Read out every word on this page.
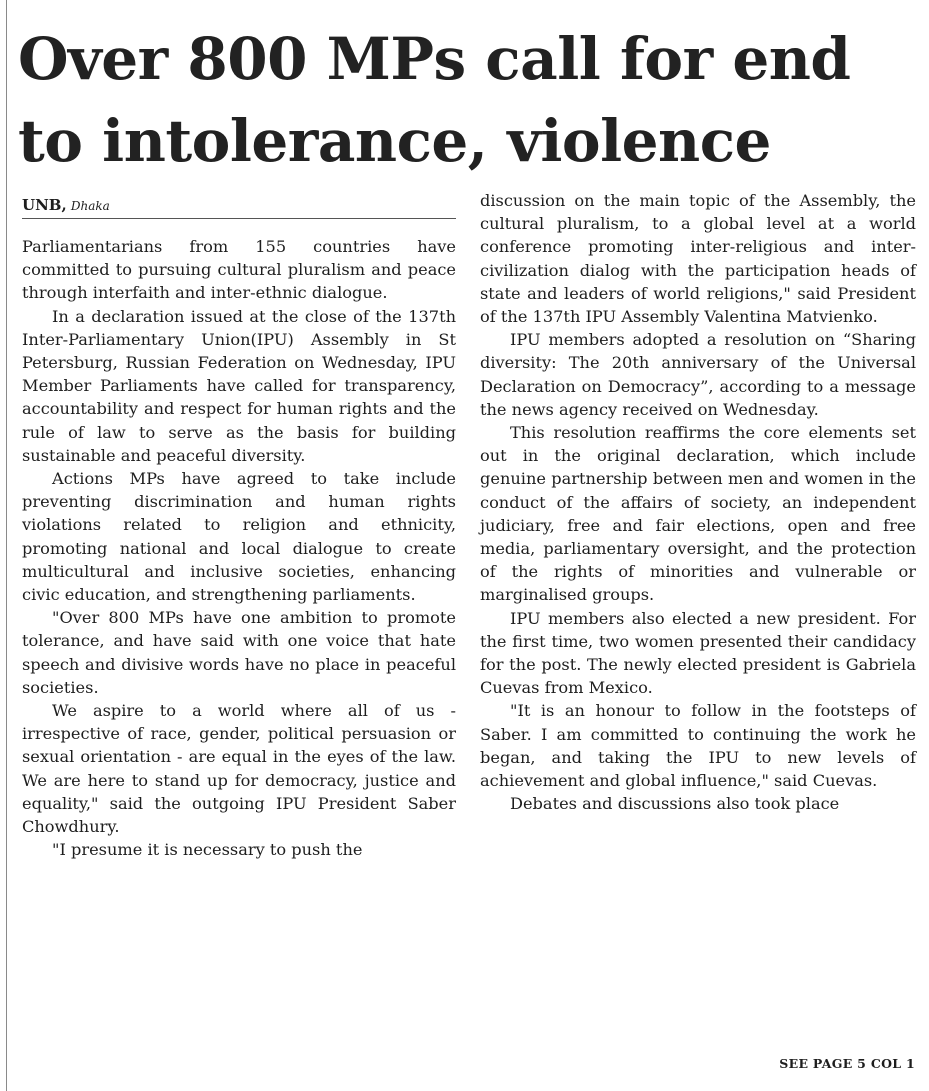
Over 800 MPs call for end
to intolerance, violence
UNB, Dhaka

Parliamentarians from 155 countries have committed to pursuing cultural pluralism and peace through interfaith and inter-ethnic dialogue.

In a declaration issued at the close of the 137th Inter-Parliamentary Union(IPU) Assembly in St Petersburg, Russian Federation on Wednesday, IPU Member Parliaments have called for transparency, accountability and respect for human rights and the rule of law to serve as the basis for building sustainable and peaceful diversity.

Actions MPs have agreed to take include preventing discrimination and human rights violations related to religion and ethnicity, promoting national and local dialogue to create multicultural and inclusive societies, enhancing civic education, and strengthening parliaments.

"Over 800 MPs have one ambition to promote tolerance, and have said with one voice that hate speech and divisive words have no place in peaceful societies.

We aspire to a world where all of us - irrespective of race, gender, political persuasion or sexual orientation - are equal in the eyes of the law. We are here to stand up for democracy, justice and equality," said the outgoing IPU President Saber Chowdhury.

"I presume it is necessary to push the

discussion on the main topic of the Assembly, the cultural pluralism, to a global level at a world conference promoting inter-religious and inter-civilization dialog with the participation heads of state and leaders of world religions," said President of the 137th IPU Assembly Valentina Matvienko.

IPU members adopted a resolution on “Sharing diversity: The 20th anniversary of the Universal Declaration on Democracy”, according to a message the news agency received on Wednesday.

This resolution reaffirms the core elements set out in the original declaration, which include genuine partnership between men and women in the conduct of the affairs of society, an independent judiciary, free and fair elections, open and free media, parliamentary oversight, and the protection of the rights of minorities and vulnerable or marginalised groups.

IPU members also elected a new president. For the first time, two women presented their candidacy for the post. The newly elected president is Gabriela Cuevas from Mexico.

"It is an honour to follow in the footsteps of Saber. I am committed to continuing the work he began, and taking the IPU to new levels of achievement and global influence," said Cuevas.

Debates and discussions also took place

SEE PAGE 5 COL 1
